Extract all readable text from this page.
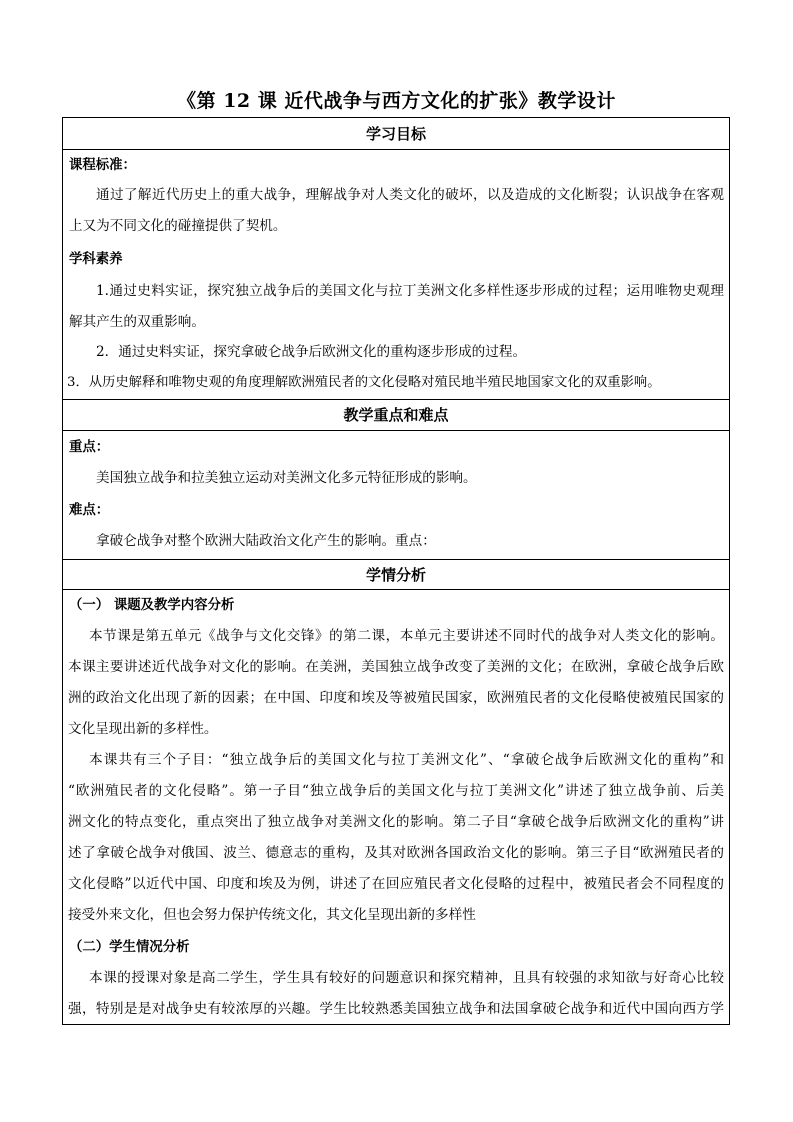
《第 12 课 近代战争与西方文化的扩张》教学设计
学习目标
课程标准：
通过了解近代历史上的重大战争，理解战争对人类文化的破坏，以及造成的文化断裂；认识战争在客观
上又为不同文化的碰撞提供了契机。
学科素养
1.通过史料实证，探究独立战争后的美国文化与拉丁美洲文化多样性逐步形成的过程；运用唯物史观理
解其产生的双重影响。
2．通过史料实证，探究拿破仑战争后欧洲文化的重构逐步形成的过程。
3．从历史解释和唯物史观的角度理解欧洲殖民者的文化侵略对殖民地半殖民地国家文化的双重影响。
教学重点和难点
重点：
美国独立战争和拉美独立运动对美洲文化多元特征形成的影响。
难点：
拿破仑战争对整个欧洲大陆政治文化产生的影响。重点：
学情分析
（一） 课题及教学内容分析
本节课是第五单元《战争与文化交锋》的第二课，本单元主要讲述不同时代的战争对人类文化的影响。
本课主要讲述近代战争对文化的影响。在美洲，美国独立战争改变了美洲的文化；在欧洲，拿破仑战争后欧
洲的政治文化出现了新的因素；在中国、印度和埃及等被殖民国家，欧洲殖民者的文化侵略使被殖民国家的
文化呈现出新的多样性。
本课共有三个子目：“独立战争后的美国文化与拉丁美洲文化”、“拿破仑战争后欧洲文化的重构”和
“欧洲殖民者的文化侵略”。第一子目“独立战争后的美国文化与拉丁美洲文化”讲述了独立战争前、后美
洲文化的特点变化，重点突出了独立战争对美洲文化的影响。第二子目“拿破仑战争后欧洲文化的重构”讲
述了拿破仑战争对俄国、波兰、德意志的重构，及其对欧洲各国政治文化的影响。第三子目“欧洲殖民者的
文化侵略”以近代中国、印度和埃及为例，讲述了在回应殖民者文化侵略的过程中，被殖民者会不同程度的
接受外来文化，但也会努力保护传统文化，其文化呈现出新的多样性
（二）学生情况分析
本课的授课对象是高二学生，学生具有较好的问题意识和探究精神，且具有较强的求知欲与好奇心比较
强，特别是是对战争史有较浓厚的兴趣。学生比较熟悉美国独立战争和法国拿破仑战争和近代中国向西方学
